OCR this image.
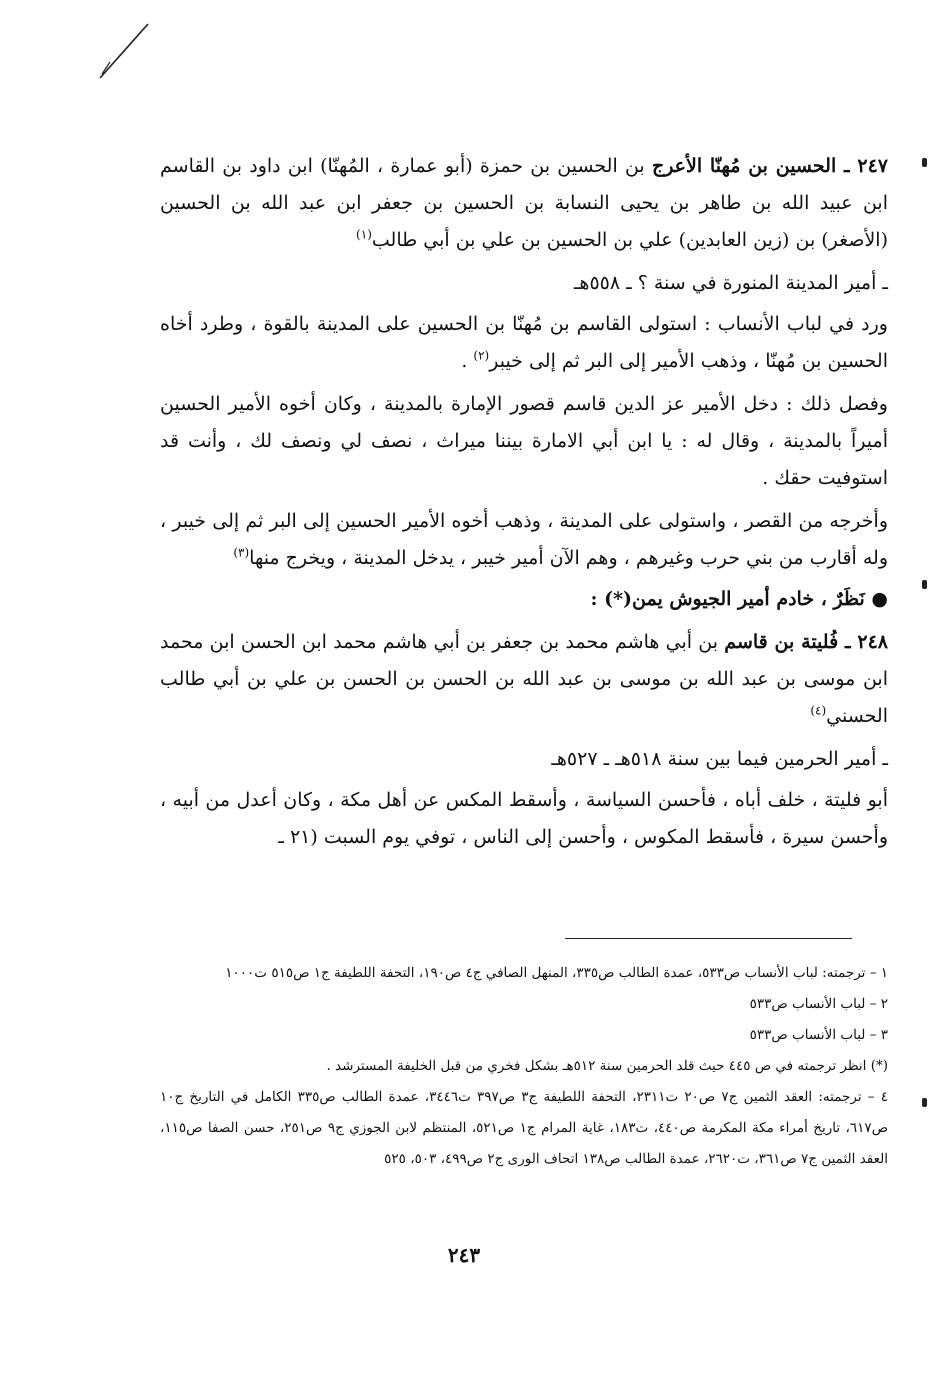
٢٤٧ ـ الحسين بن مُهنّا الأعرج بن الحسين بن حمزة (أبو عمارة ، المُهنّا) ابن داود بن القاسم ابن عبيد الله بن طاهر بن يحيى النسابة بن الحسين بن جعفر ابن عبد الله بن الحسين (الأصغر) بن (زين العابدين) علي بن الحسين بن علي بن أبي طالب$^{(١)}$

ـ أمير المدينة المنورة في سنة ؟ ـ ٥٥٨هـ

ورد في لباب الأنساب : استولى القاسم بن مُهنّا بن الحسين على المدينة بالقوة ، وطرد أخاه الحسين بن مُهنّا ، وذهب الأمير إلى البر ثم إلى خيبر$^{(٢)}$ .

وفصل ذلك : دخل الأمير عز الدين قاسم قصور الإمارة بالمدينة ، وكان أخوه الأمير الحسين أميراً بالمدينة ، وقال له : يا ابن أبي الامارة بيننا ميراث ، نصف لي ونصف لك ، وأنت قد استوفيت حقك .

وأخرجه من القصر ، واستولى على المدينة ، وذهب أخوه الأمير الحسين إلى البر ثم إلى خيبر ، وله أقارب من بني حرب وغيرهم ، وهم الآن أمير خيبر ، يدخل المدينة ، ويخرج منها$^{(٣)}$

● نَظَرٌ ، خادم أمير الجيوش يمن(*) :

٢٤٨ ـ فُليتة بن قاسم بن أبي هاشم محمد بن جعفر بن أبي هاشم محمد ابن الحسن ابن محمد ابن موسى بن عبد الله بن موسى بن عبد الله بن الحسن بن الحسن بن علي بن أبي طالب الحسني$^{(٤)}$

ـ أمير الحرمين فيما بين سنة ٥١٨هـ ـ ٥٢٧هـ

أبو فليتة ، خلف أباه ، فأحسن السياسة ، وأسقط المكس عن أهل مكة ، وكان أعدل من أبيه ، وأحسن سيرة ، فأسقط المكوس ، وأحسن إلى الناس ، توفي يوم السبت (٢١ ـ

١ – ترجمته: لباب الأنساب ص٥٣٣، عمدة الطالب ص٣٣٥، المنهل الصافي ج٤ ص١٩٠، التحفة اللطيفة ج١ ص٥١٥ ت١٠٠٠

٢ – لباب الأنساب ص٥٣٣

٣ – لباب الأنساب ص٥٣٣

(*) انظر ترجمته في ص ٤٤٥ حيث قلد الحرمين سنة ٥١٢هـ بشكل فخري من قبل الخليفة المسترشد .

٤ – ترجمته: العقد الثمين ج٧ ص٢٠ ت٢٣١١، التحفة اللطيفة ج٣ ص٣٩٧ ت٣٤٤٦، عمدة الطالب ص٣٣٥ الكامل في التاريخ ج١٠ ص٦١٧، تاريخ أمراء مكة المكرمة ص٤٤٠، ت١٨٣، غاية المرام ج١ ص٥٢١، المنتظم لابن الجوزي ج٩ ص٢٥١، حسن الصفا ص١١٥، العقد الثمين ج٧ ص٣٦١، ت٢٦٢٠، عمدة الطالب ص١٣٨ اتحاف الورى ج٢ ص٤٩٩، ٥٠٣، ٥٢٥

٢٤٣
